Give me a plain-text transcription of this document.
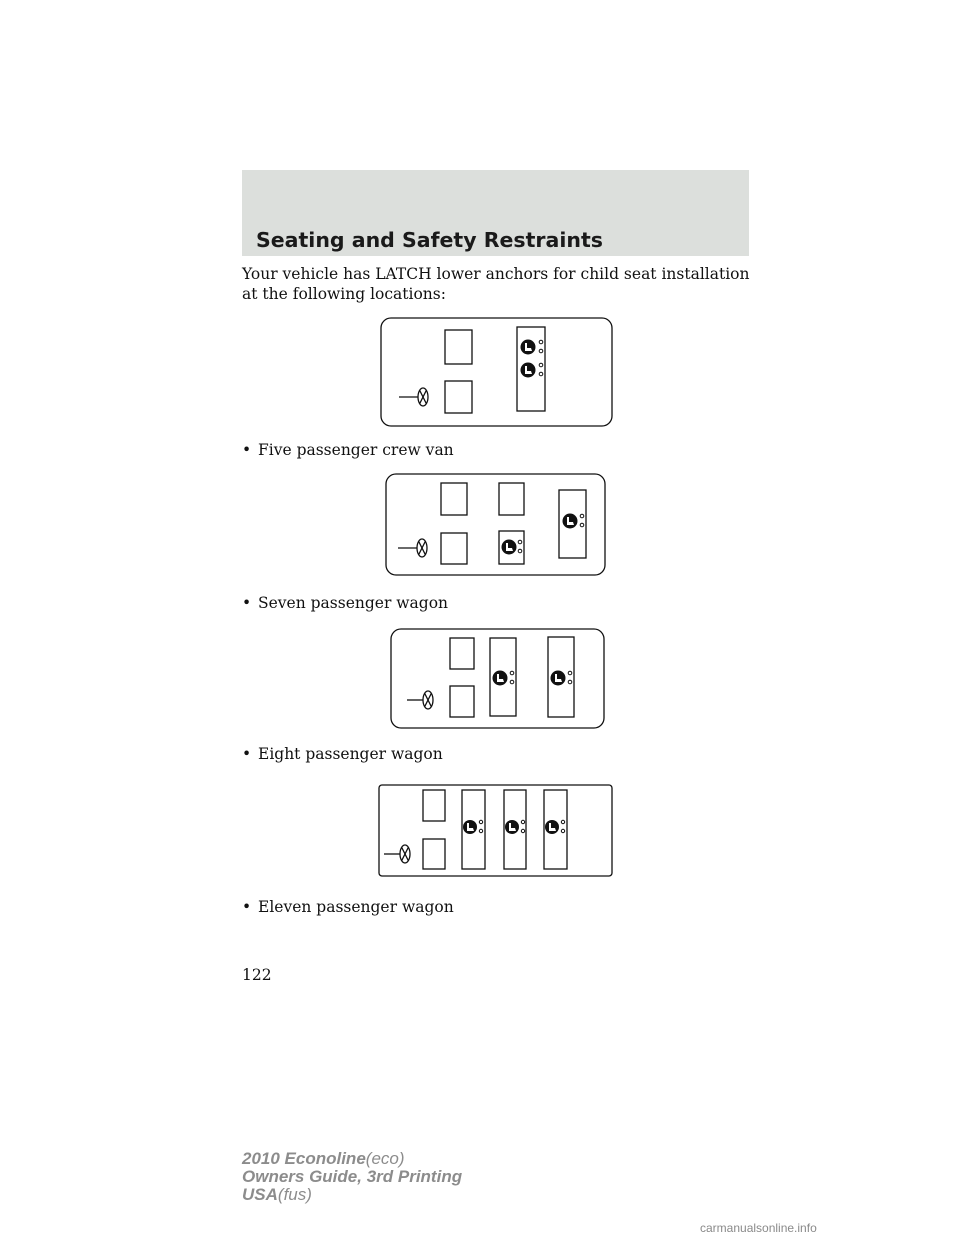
Seating and Safety Restraints
Your vehicle has LATCH lower anchors for child seat installation at the following locations:
• Five passenger crew van
• Seven passenger wagon
• Eight passenger wagon
• Eleven passenger wagon
122
2010 Econoline(eco)
Owners Guide, 3rd Printing
USA(fus)
carmanualsonline.info
